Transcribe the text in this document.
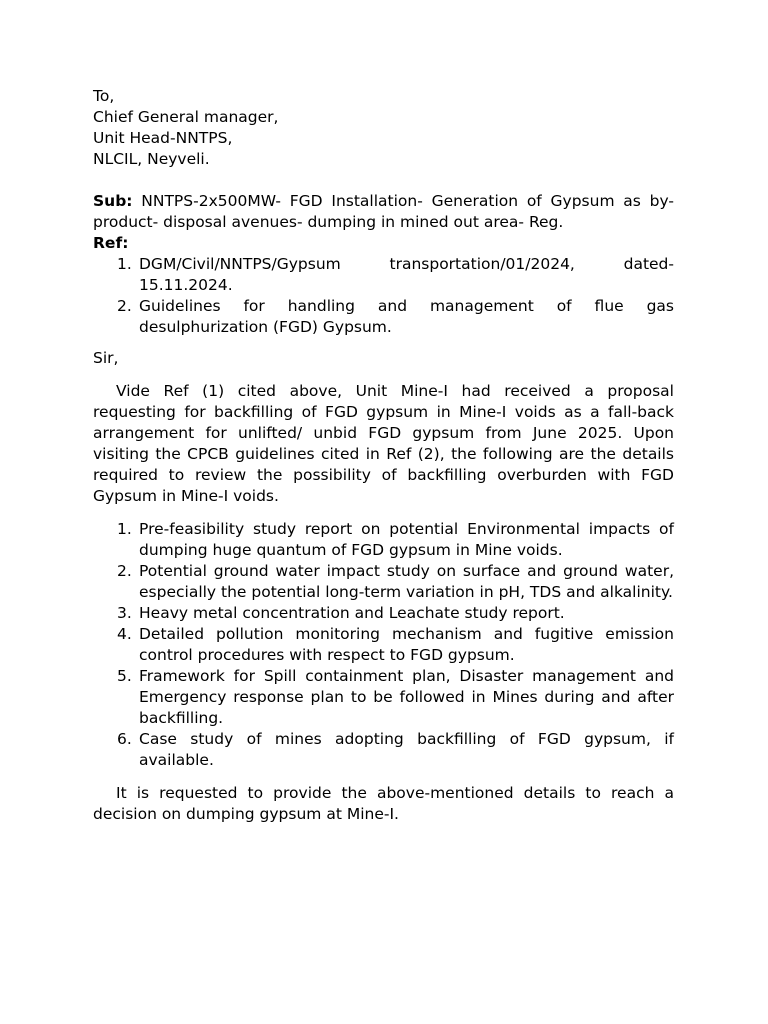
To,

Chief General manager,

Unit Head-NNTPS,

NLCIL, Neyveli.

Sub: NNTPS-2x500MW- FGD Installation- Generation of Gypsum as by-product- disposal avenues- dumping in mined out area- Reg.

Ref:

1. DGM/Civil/NNTPS/Gypsum transportation/01/2024, dated-15.11.2024.
2. Guidelines for handling and management of flue gas desulphurization (FGD) Gypsum.

Sir,

Vide Ref (1) cited above, Unit Mine-I had received a proposal requesting for backfilling of FGD gypsum in Mine-I voids as a fall-back arrangement for unlifted/ unbid FGD gypsum from June 2025. Upon visiting the CPCB guidelines cited in Ref (2), the following are the details required to review the possibility of backfilling overburden with FGD Gypsum in Mine-I voids.

1. Pre-feasibility study report on potential Environmental impacts of dumping huge quantum of FGD gypsum in Mine voids.
2. Potential ground water impact study on surface and ground water, especially the potential long-term variation in pH, TDS and alkalinity.
3. Heavy metal concentration and Leachate study report.
4. Detailed pollution monitoring mechanism and fugitive emission control procedures with respect to FGD gypsum.
5. Framework for Spill containment plan, Disaster management and Emergency response plan to be followed in Mines during and after backfilling.
6. Case study of mines adopting backfilling of FGD gypsum, if available.

It is requested to provide the above-mentioned details to reach a decision on dumping gypsum at Mine-I.
